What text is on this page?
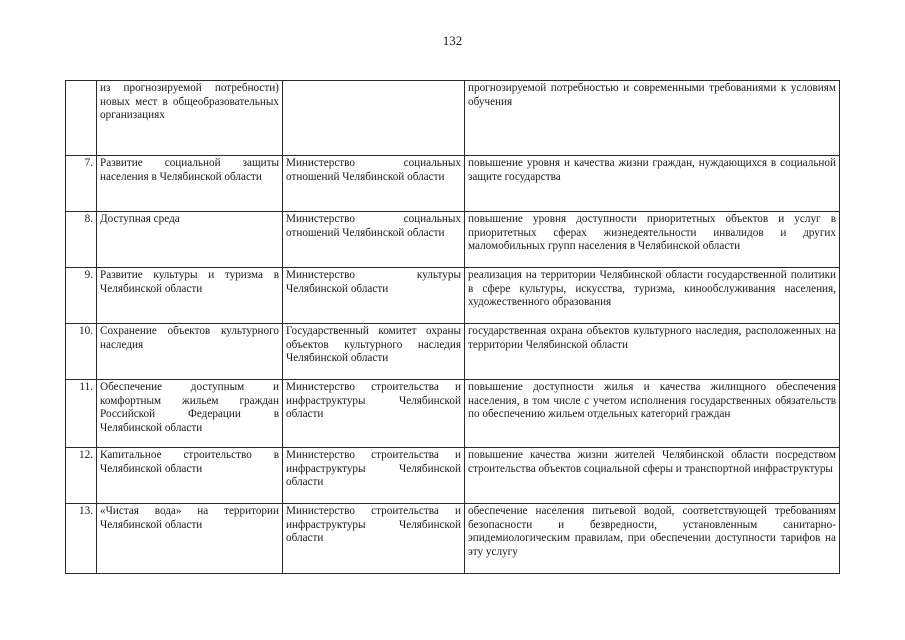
132
	из прогнозируемой потребности) новых мест в общеобразовательных организациях		прогнозируемой потребностью и современными требованиями к условиям обучения
7.	Развитие социальной защиты населения в Челябинской области	Министерство социальных отношений Челябинской области	повышение уровня и качества жизни граждан, нуждающихся в социальной защите государства
8.	Доступная среда	Министерство социальных отношений Челябинской области	повышение уровня доступности приоритетных объектов и услуг в приоритетных сферах жизнедеятельности инвалидов и других маломобильных групп населения в Челябинской области
9.	Развитие культуры и туризма в Челябинской области	Министерство культуры Челябинской области	реализация на территории Челябинской области государственной политики в сфере культуры, искусства, туризма, кинообслуживания населения, художественного образования
10.	Сохранение объектов культурного наследия	Государственный комитет охраны объектов культурного наследия Челябинской области	государственная охрана объектов культурного наследия, расположенных на территории Челябинской области
11.	Обеспечение доступным и комфортным жильем граждан Российской Федерации в Челябинской области	Министерство строительства и инфраструктуры Челябинской области	повышение доступности жилья и качества жилищного обеспечения населения, в том числе с учетом исполнения государственных обязательств по обеспечению жильем отдельных категорий граждан
12.	Капитальное строительство в Челябинской области	Министерство строительства и инфраструктуры Челябинской области	повышение качества жизни жителей Челябинской области посредством строительства объектов социальной сферы и транспортной инфраструктуры
13.	«Чистая вода» на территории Челябинской области	Министерство строительства и инфраструктуры Челябинской области	обеспечение населения питьевой водой, соответствующей требованиям безопасности и безвредности, установленным санитарно-эпидемиологическим правилам, при обеспечении доступности тарифов на эту услугу
